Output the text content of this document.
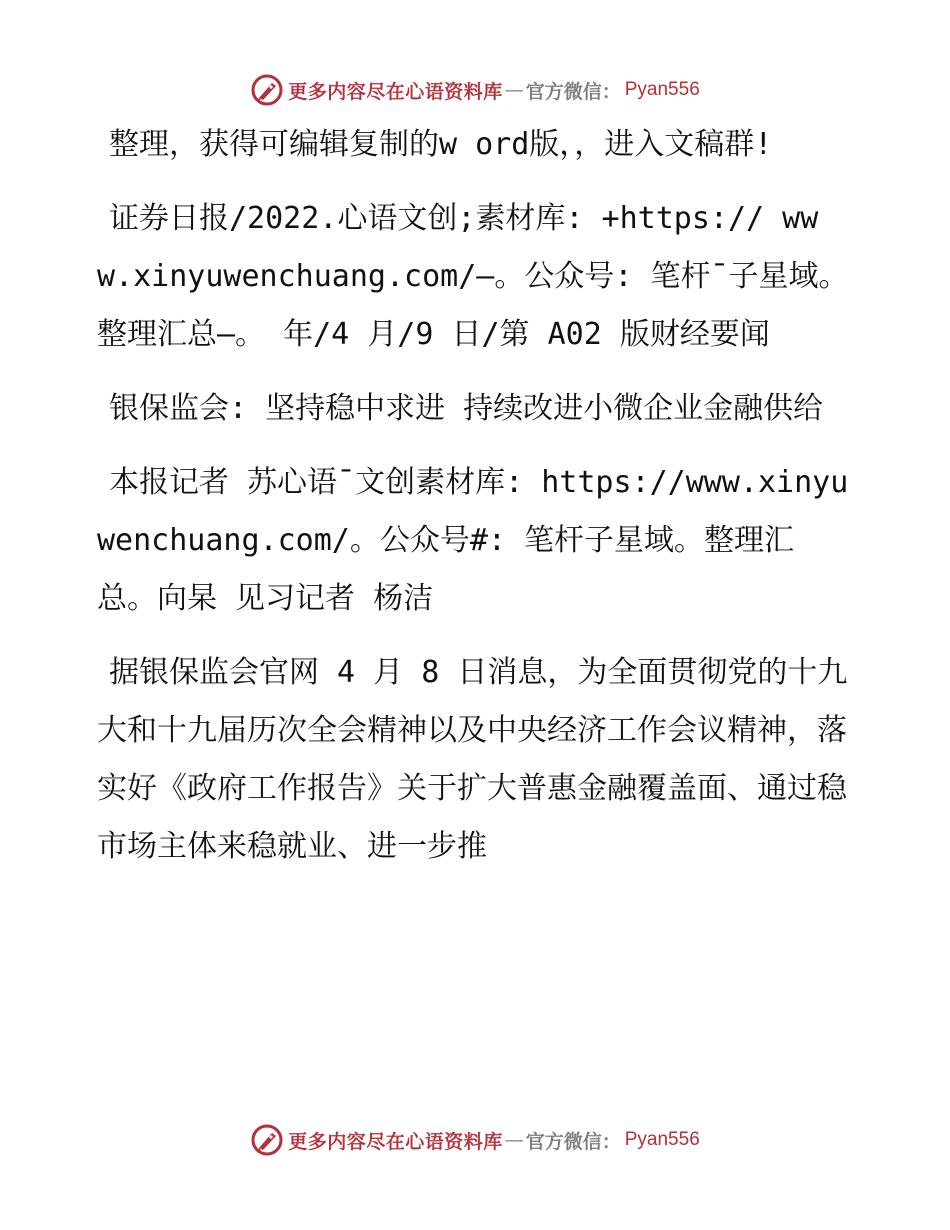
更多内容尽在心语资料库 — 官方微信： Pyan556

整理，获得可编辑复制的w ord版，，进入文稿群!

证券日报/2022.心语文创;素材库: +https:// www.xinyuwenchuang.com/—。公众号: 笔杆¯子星域。整理汇总—。 年/4 月/9 日/第 A02 版财经要闻

银保监会: 坚持稳中求进 持续改进小微企业金融供给

本报记者 苏心语¯文创素材库: https://www.xinyuwenchuang.com/。公众号#: 笔杆子星域。整理汇总。向杲 见习记者 杨洁

据银保监会官网 4 月 8 日消息，为全面贯彻党的十九大和十九届历次全会精神以及中央经济工作会议精神，落实好《政府工作报告》关于扩大普惠金融覆盖面、通过稳市场主体来稳就业、进一步推

更多内容尽在心语资料库 — 官方微信： Pyan556
